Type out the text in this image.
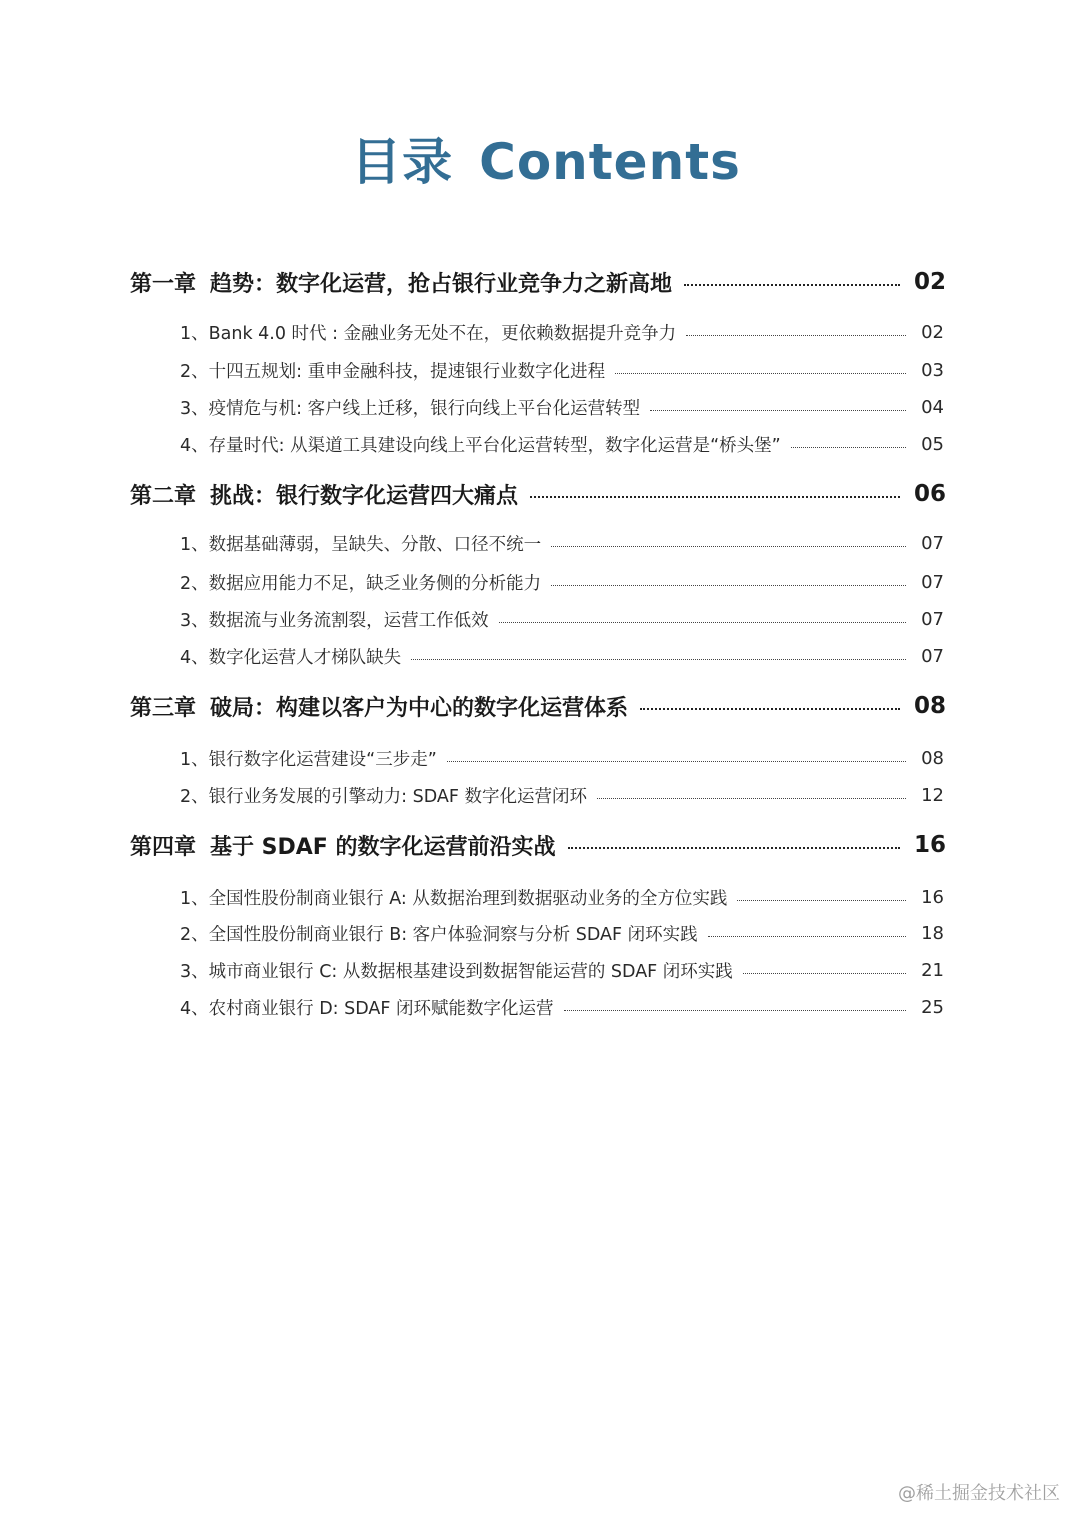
目录 Contents
第一章 趋势：数字化运营，抢占银行业竞争力之新高地	02
1、Bank 4.0 时代 : 金融业务无处不在，更依赖数据提升竞争力	02
2、十四五规划: 重申金融科技，提速银行业数字化进程	03
3、疫情危与机: 客户线上迁移，银行向线上平台化运营转型	04
4、存量时代: 从渠道工具建设向线上平台化运营转型，数字化运营是“桥头堡”	05
第二章 挑战：银行数字化运营四大痛点	06
1、数据基础薄弱，呈缺失、分散、口径不统一	07
2、数据应用能力不足，缺乏业务侧的分析能力	07
3、数据流与业务流割裂，运营工作低效	07
4、数字化运营人才梯队缺失	07
第三章 破局：构建以客户为中心的数字化运营体系	08
1、银行数字化运营建设“三步走”	08
2、银行业务发展的引擎动力: SDAF 数字化运营闭环	12
第四章 基于 SDAF 的数字化运营前沿实战	16
1、全国性股份制商业银行 A: 从数据治理到数据驱动业务的全方位实践	16
2、全国性股份制商业银行 B: 客户体验洞察与分析 SDAF 闭环实践	18
3、城市商业银行 C: 从数据根基建设到数据智能运营的 SDAF 闭环实践	21
4、农村商业银行 D: SDAF 闭环赋能数字化运营	25
@稀土掘金技术社区
